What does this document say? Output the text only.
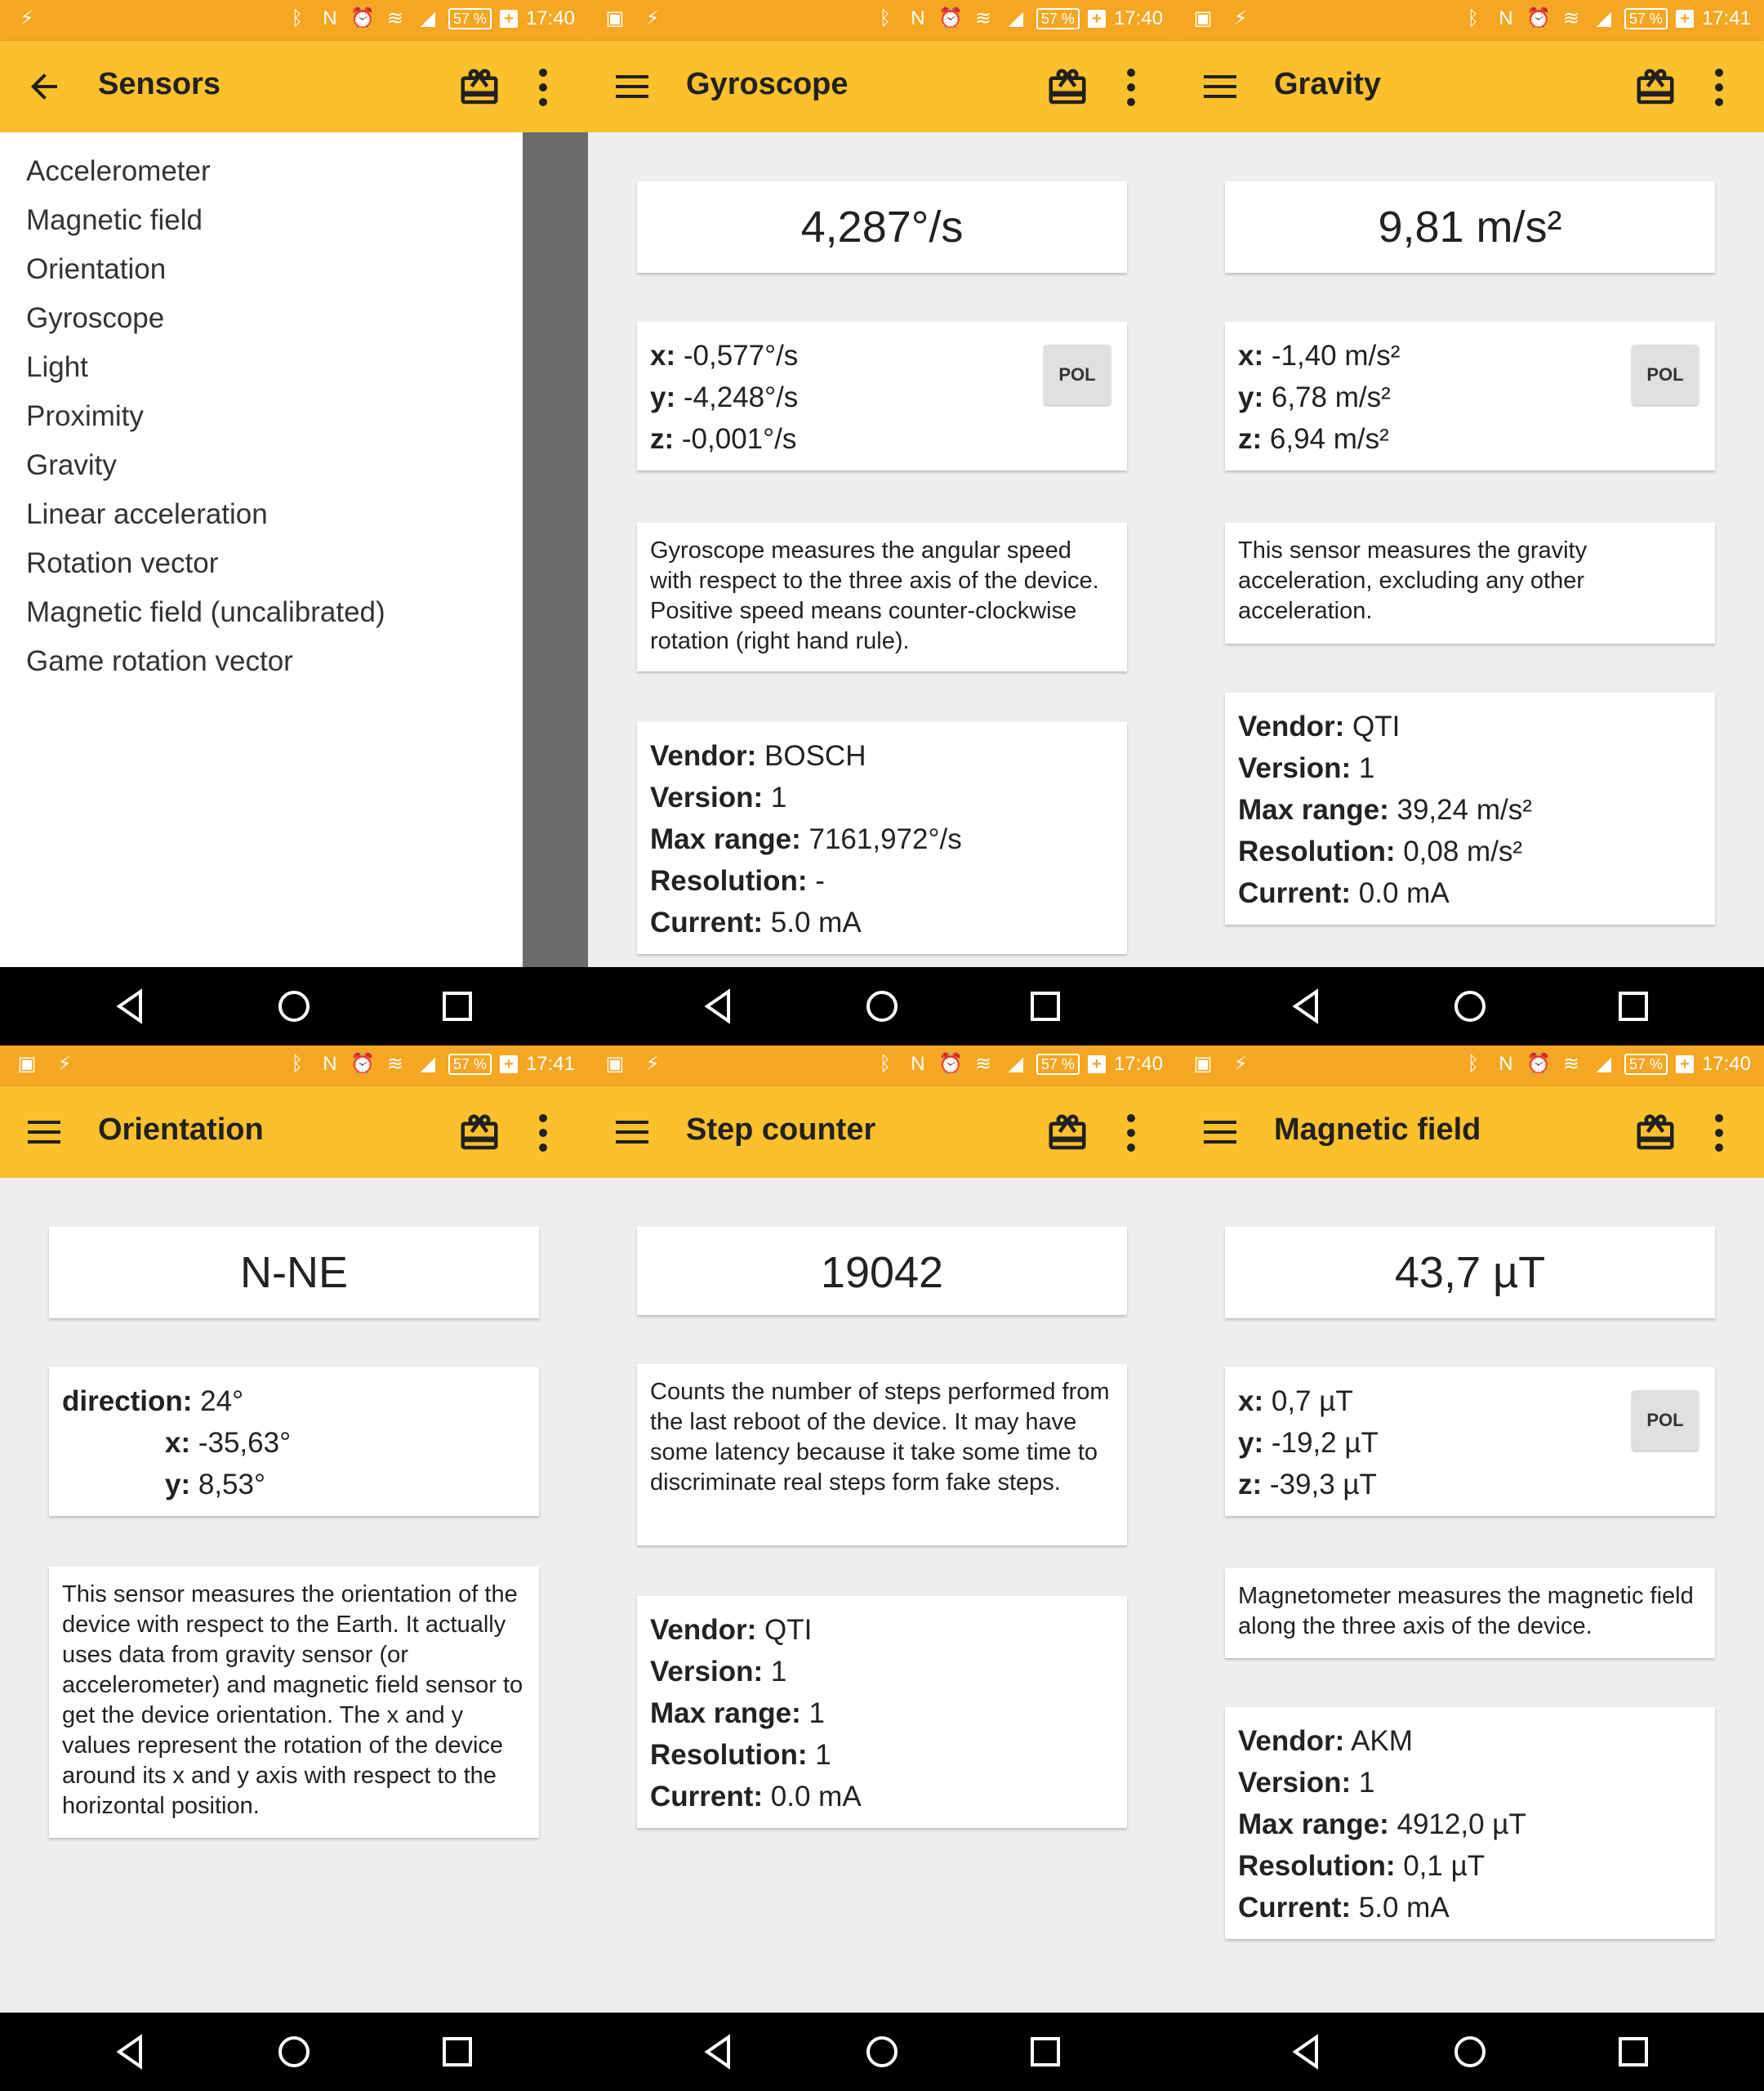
⚡	ᛒ	Ν ⏰ ≋ ◢	57 %	+ 17:40
Sensors
Accelerometer
Magnetic field
Orientation
Gyroscope
Light
Proximity
Gravity
Linear acceleration
Rotation vector
Magnetic field (uncalibrated)
Game rotation vector
▣ ⚡	ᛒ	Ν ⏰ ≋ ◢	57 %	+ 17:40
Gyroscope
4,287°/s
x: -0,577°/s
y: -4,248°/s
z: -0,001°/s
POL
Gyroscope measures the angular speed with respect to the three axis of the device. Positive speed means counter-clockwise rotation (right hand rule).
Vendor: BOSCH
Version: 1
Max range: 7161,972°/s
Resolution: -
Current: 5.0 mA
▣ ⚡	ᛒ	Ν ⏰ ≋ ◢	57 %	+ 17:41
Gravity
9,81 m/s²
x: -1,40 m/s²
y: 6,78 m/s²
z: 6,94 m/s²
POL
This sensor measures the gravity acceleration, excluding any other acceleration.
Vendor: QTI
Version: 1
Max range: 39,24 m/s²
Resolution: 0,08 m/s²
Current: 0.0 mA
▣ ⚡	ᛒ	Ν ⏰ ≋ ◢	57 %	+ 17:41
Orientation
N-NE
direction: 24°
x: -35,63°
y: 8,53°
This sensor measures the orientation of the device with respect to the Earth. It actually uses data from gravity sensor (or accelerometer) and magnetic field sensor to get the device orientation. The x and y values represent the rotation of the device around its x and y axis with respect to the horizontal position.
▣ ⚡	ᛒ	Ν ⏰ ≋ ◢	57 %	+ 17:40
Step counter
19042
Counts the number of steps performed from the last reboot of the device. It may have some latency because it take some time to discriminate real steps form fake steps.
Vendor: QTI
Version: 1
Max range: 1
Resolution: 1
Current: 0.0 mA
▣ ⚡	ᛒ	Ν ⏰ ≋ ◢	57 %	+ 17:40
Magnetic field
43,7 µT
x: 0,7 µT
y: -19,2 µT
z: -39,3 µT
POL
Magnetometer measures the magnetic field along the three axis of the device.
Vendor: AKM
Version: 1
Max range: 4912,0 µT
Resolution: 0,1 µT
Current: 5.0 mA
